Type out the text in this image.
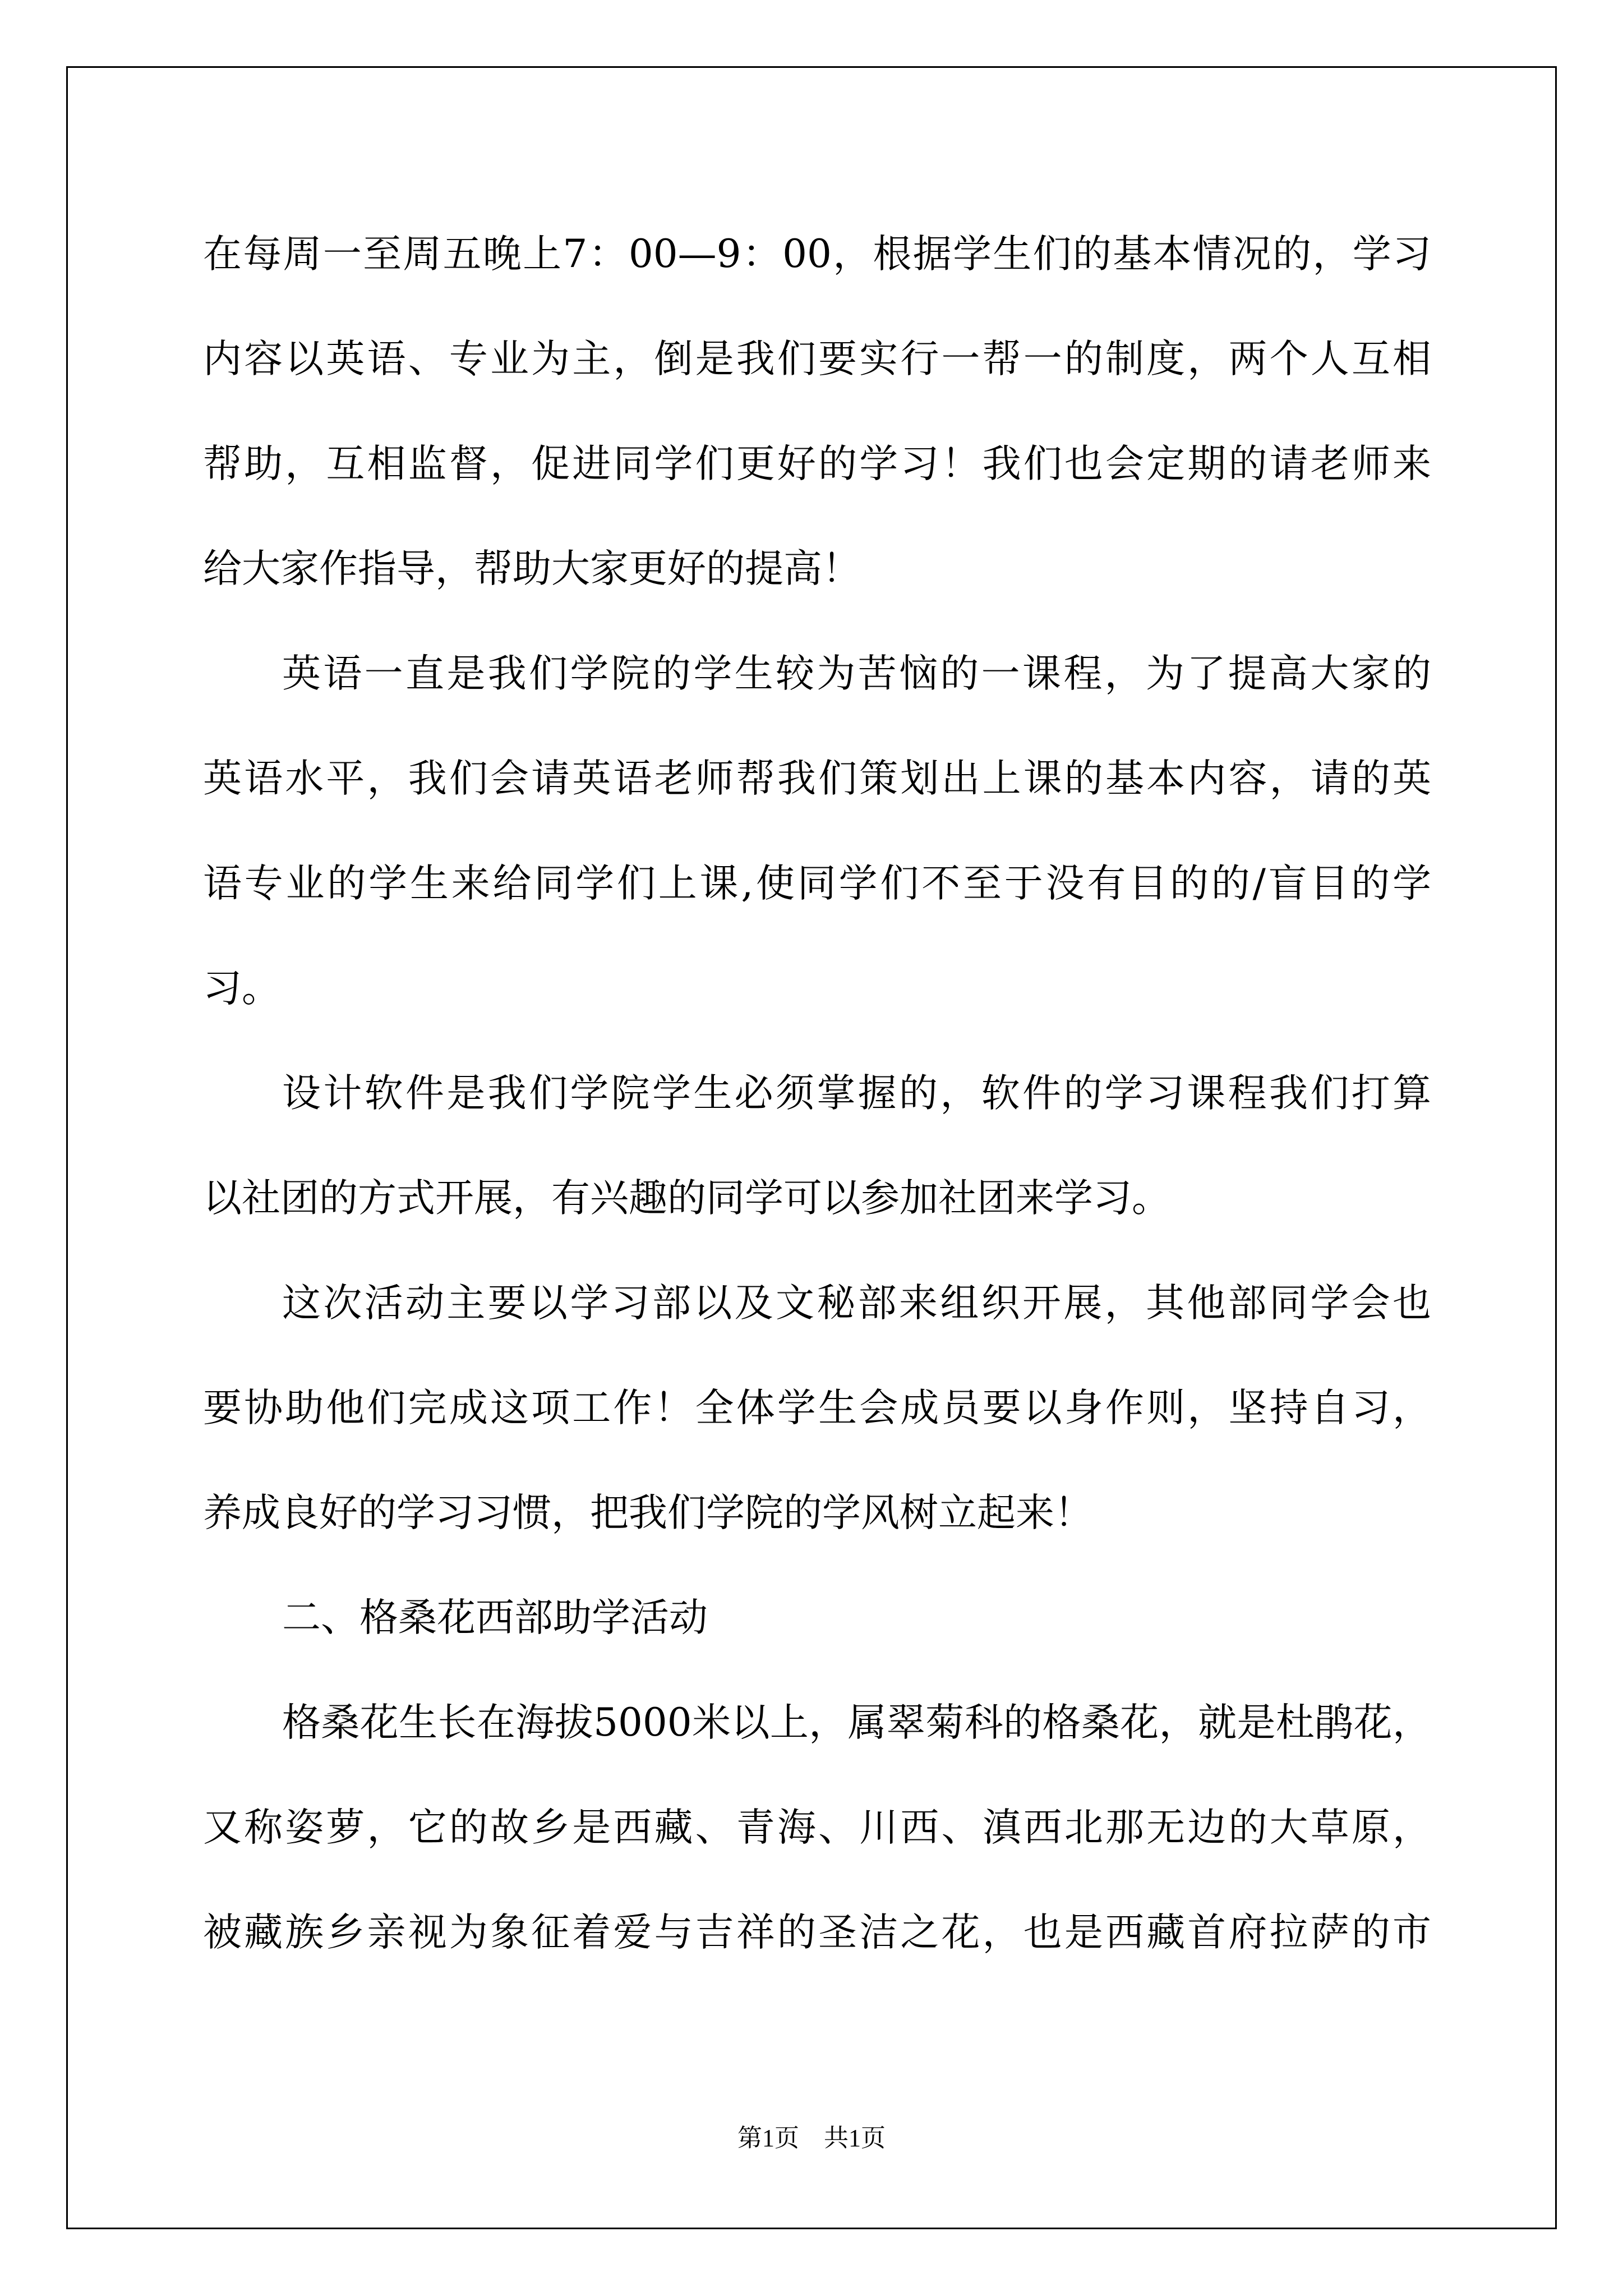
在每周一至周五晚上7：00—9：00，根据学生们的基本情况的，学习
内容以英语、专业为主，倒是我们要实行一帮一的制度，两个人互相
帮助，互相监督，促进同学们更好的学习！我们也会定期的请老师来
给大家作指导，帮助大家更好的提高！
英语一直是我们学院的学生较为苦恼的一课程，为了提高大家的
英语水平，我们会请英语老师帮我们策划出上课的基本内容，请的英
语专业的学生来给同学们上课,使同学们不至于没有目的的/盲目的学
习。
设计软件是我们学院学生必须掌握的，软件的学习课程我们打算
以社团的方式开展，有兴趣的同学可以参加社团来学习。
这次活动主要以学习部以及文秘部来组织开展，其他部同学会也
要协助他们完成这项工作！全体学生会成员要以身作则，坚持自习，
养成良好的学习习惯，把我们学院的学风树立起来！
二、格桑花西部助学活动
格桑花生长在海拔5000米以上，属翠菊科的格桑花，就是杜鹃花，
又称姿萝，它的故乡是西藏、青海、川西、滇西北那无边的大草原，
被藏族乡亲视为象征着爱与吉祥的圣洁之花，也是西藏首府拉萨的市
第1页　共1页
